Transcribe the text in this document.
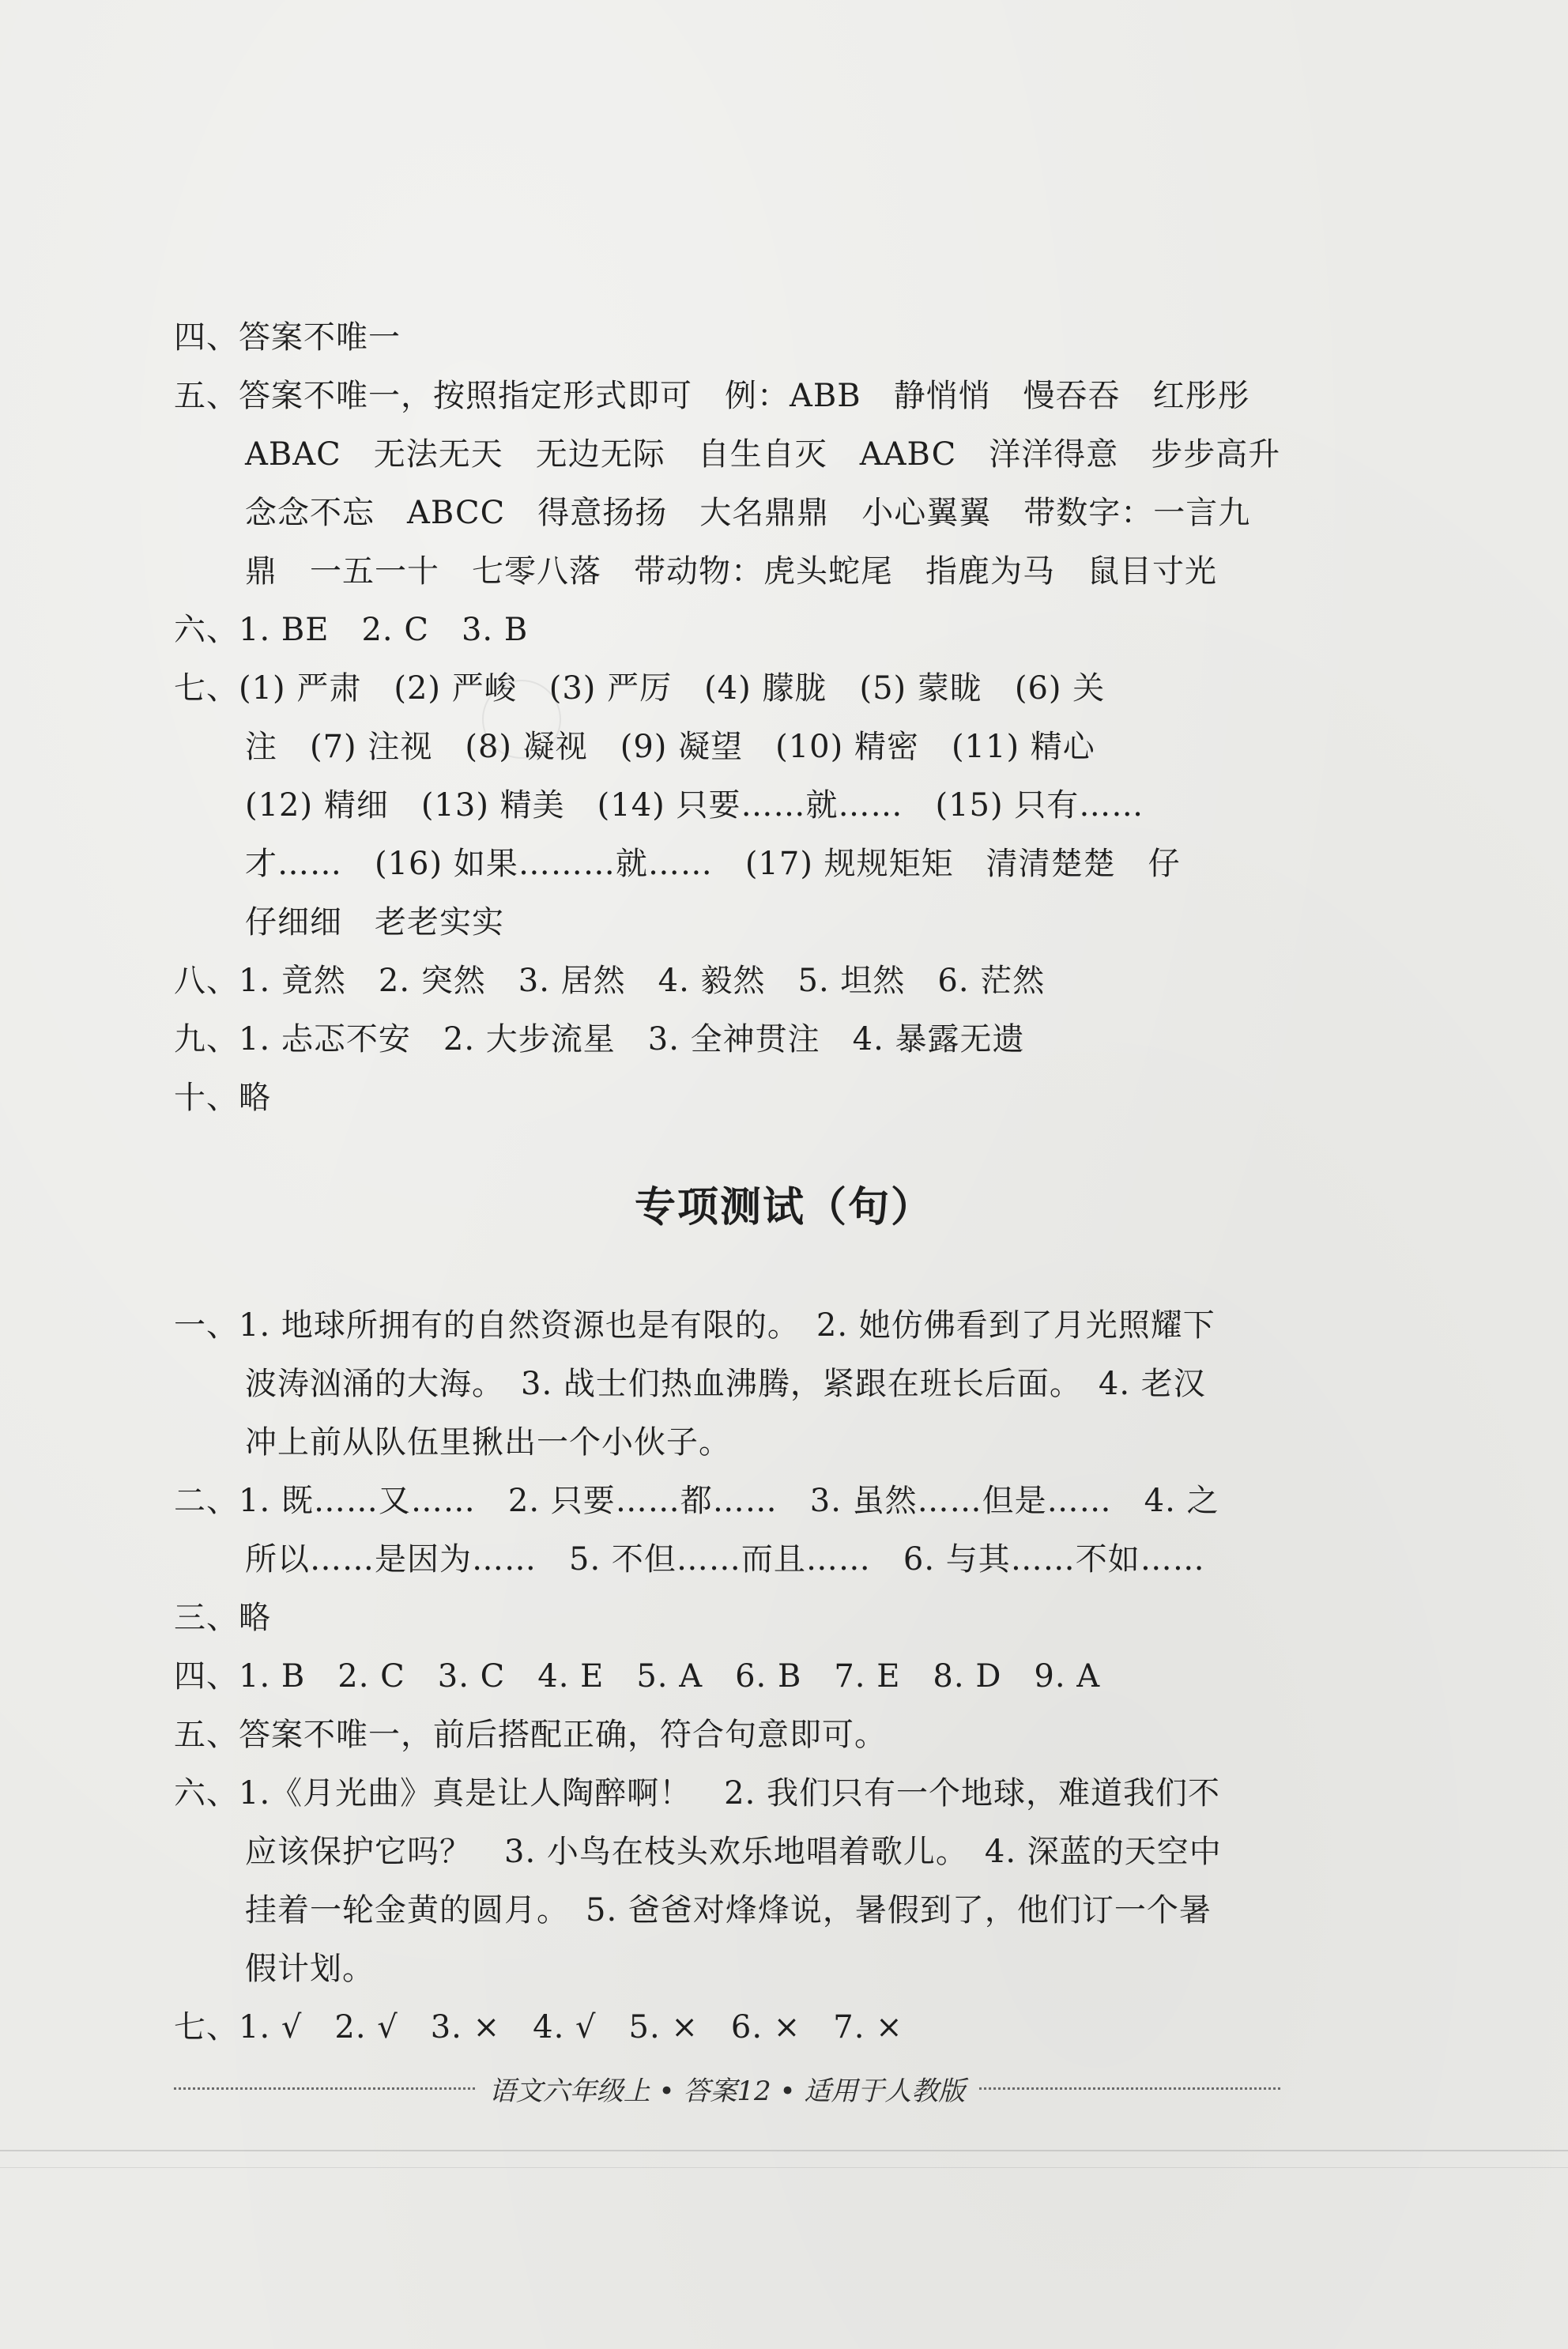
四、答案不唯一
五、答案不唯一，按照指定形式即可　例：ABB　静悄悄　慢吞吞　红彤彤
ABAC　无法无天　无边无际　自生自灭　AABC　洋洋得意　步步高升
念念不忘　ABCC　得意扬扬　大名鼎鼎　小心翼翼　带数字：一言九
鼎　一五一十　七零八落　带动物：虎头蛇尾　指鹿为马　鼠目寸光
六、1. BE　2. C　3. B
七、(1) 严肃　(2) 严峻　(3) 严厉　(4) 朦胧　(5) 蒙眬　(6) 关
注　(7) 注视　(8) 凝视　(9) 凝望　(10) 精密　(11) 精心
(12) 精细　(13) 精美　(14) 只要……就……　(15) 只有……
才……　(16) 如果………就……　(17) 规规矩矩　清清楚楚　仔
仔细细　老老实实
八、1. 竟然　2. 突然　3. 居然　4. 毅然　5. 坦然　6. 茫然
九、1. 忐忑不安　2. 大步流星　3. 全神贯注　4. 暴露无遗
十、略
专项测试（句）
一、1. 地球所拥有的自然资源也是有限的。　2. 她仿佛看到了月光照耀下
波涛汹涌的大海。　3. 战士们热血沸腾，紧跟在班长后面。　4. 老汉
冲上前从队伍里揪出一个小伙子。
二、1. 既……又……　2. 只要……都……　3. 虽然……但是……　4. 之
所以……是因为……　5. 不但……而且……　6. 与其……不如……
三、略
四、1. B　2. C　3. C　4. E　5. A　6. B　7. E　8. D　9. A
五、答案不唯一，前后搭配正确，符合句意即可。
六、1.《月光曲》真是让人陶醉啊！　2. 我们只有一个地球，难道我们不
应该保护它吗？　3. 小鸟在枝头欢乐地唱着歌儿。　4. 深蓝的天空中
挂着一轮金黄的圆月。　5. 爸爸对烽烽说，暑假到了，他们订一个暑
假计划。
七、1. √　2. √　3. ×　4. √　5. ×　6. ×　7. ×
语文六年级上 • 答案12 • 适用于人教版
